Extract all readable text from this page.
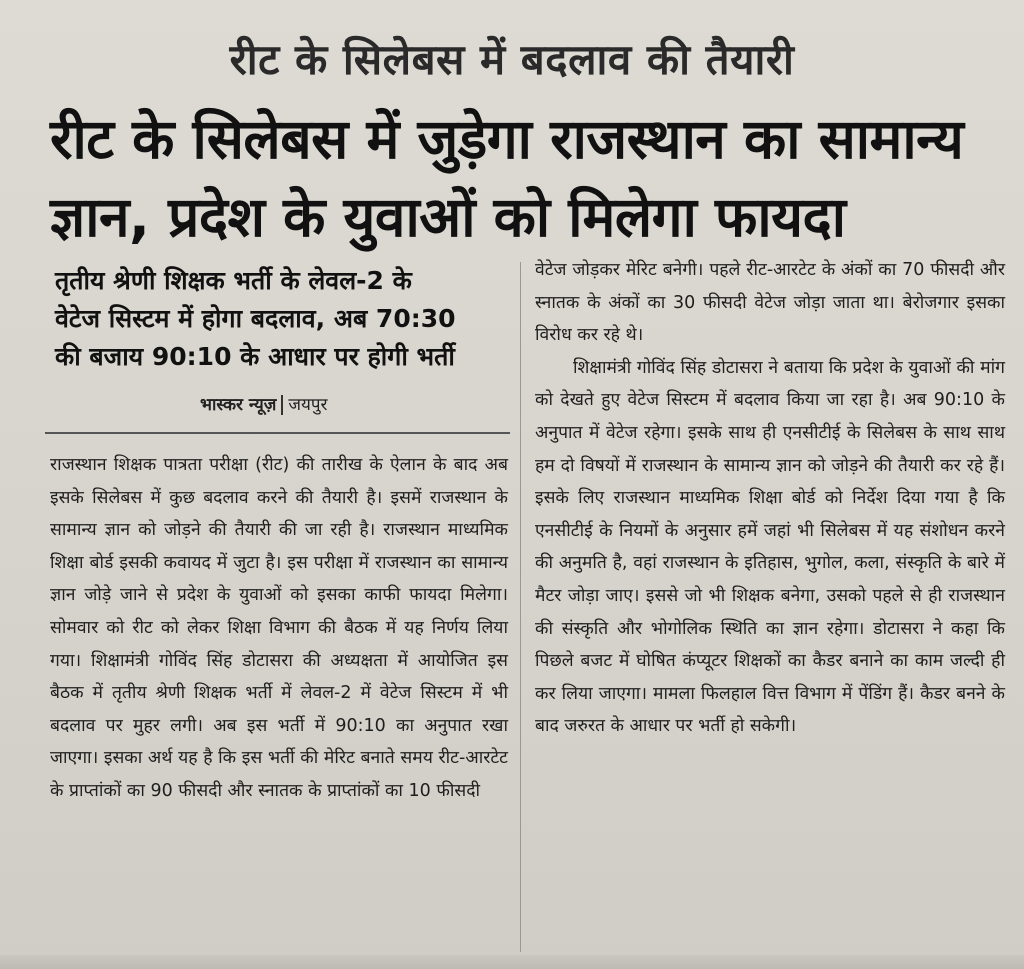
रीट के सिलेबस में बदलाव की तैयारी
रीट के सिलेबस में जुड़ेगा राजस्थान का सामान्य
ज्ञान, प्रदेश के युवाओं को मिलेगा फायदा
तृतीय श्रेणी शिक्षक भर्ती के लेवल-2 के
वेटेज सिस्टम में होगा बदलाव, अब 70:30
की बजाय 90:10 के आधार पर होगी भर्ती
भास्कर न्यूज़ जयपुर

राजस्थान शिक्षक पात्रता परीक्षा (रीट) की तारीख के ऐलान के बाद अब इसके सिलेबस में कुछ बदलाव करने की तैयारी है। इसमें राजस्थान के सामान्य ज्ञान को जोड़ने की तैयारी की जा रही है। राजस्थान माध्यमिक शिक्षा बोर्ड इसकी कवायद में जुटा है। इस परीक्षा में राजस्थान का सामान्य ज्ञान जोड़े जाने से प्रदेश के युवाओं को इसका काफी फायदा मिलेगा। सोमवार को रीट को लेकर शिक्षा विभाग की बैठक में यह निर्णय लिया गया। शिक्षामंत्री गोविंद सिंह डोटासरा की अध्यक्षता में आयोजित इस बैठक में तृतीय श्रेणी शिक्षक भर्ती में लेवल-2 में वेटेज सिस्टम में भी बदलाव पर मुहर लगी। अब इस भर्ती में 90:10 का अनुपात रखा जाएगा। इसका अर्थ यह है कि इस भर्ती की मेरिट बनाते समय रीट-आरटेट के प्राप्तांकों का 90 फीसदी और स्नातक के प्राप्तांकों का 10 फीसदी

वेटेज जोड़कर मेरिट बनेगी। पहले रीट-आरटेट के अंकों का 70 फीसदी और स्नातक के अंकों का 30 फीसदी वेटेज जोड़ा जाता था। बेरोजगार इसका विरोध कर रहे थे।

शिक्षामंत्री गोविंद सिंह डोटासरा ने बताया कि प्रदेश के युवाओं की मांग को देखते हुए वेटेज सिस्टम में बदलाव किया जा रहा है। अब 90:10 के अनुपात में वेटेज रहेगा। इसके साथ ही एनसीटीई के सिलेबस के साथ साथ हम दो विषयों में राजस्थान के सामान्य ज्ञान को जोड़ने की तैयारी कर रहे हैं। इसके लिए राजस्थान माध्यमिक शिक्षा बोर्ड को निर्देश दिया गया है कि एनसीटीई के नियमों के अनुसार हमें जहां भी सिलेबस में यह संशोधन करने की अनुमति है, वहां राजस्थान के इतिहास, भुगोल, कला, संस्कृति के बारे में मैटर जोड़ा जाए। इससे जो भी शिक्षक बनेगा, उसको पहले से ही राजस्थान की संस्कृति और भोगोलिक स्थिति का ज्ञान रहेगा। डोटासरा ने कहा कि पिछले बजट में घोषित कंप्यूटर शिक्षकों का कैडर बनाने का काम जल्दी ही कर लिया जाएगा। मामला फिलहाल वित्त विभाग में पेंडिंग हैं। कैडर बनने के बाद जरुरत के आधार पर भर्ती हो सकेगी।
